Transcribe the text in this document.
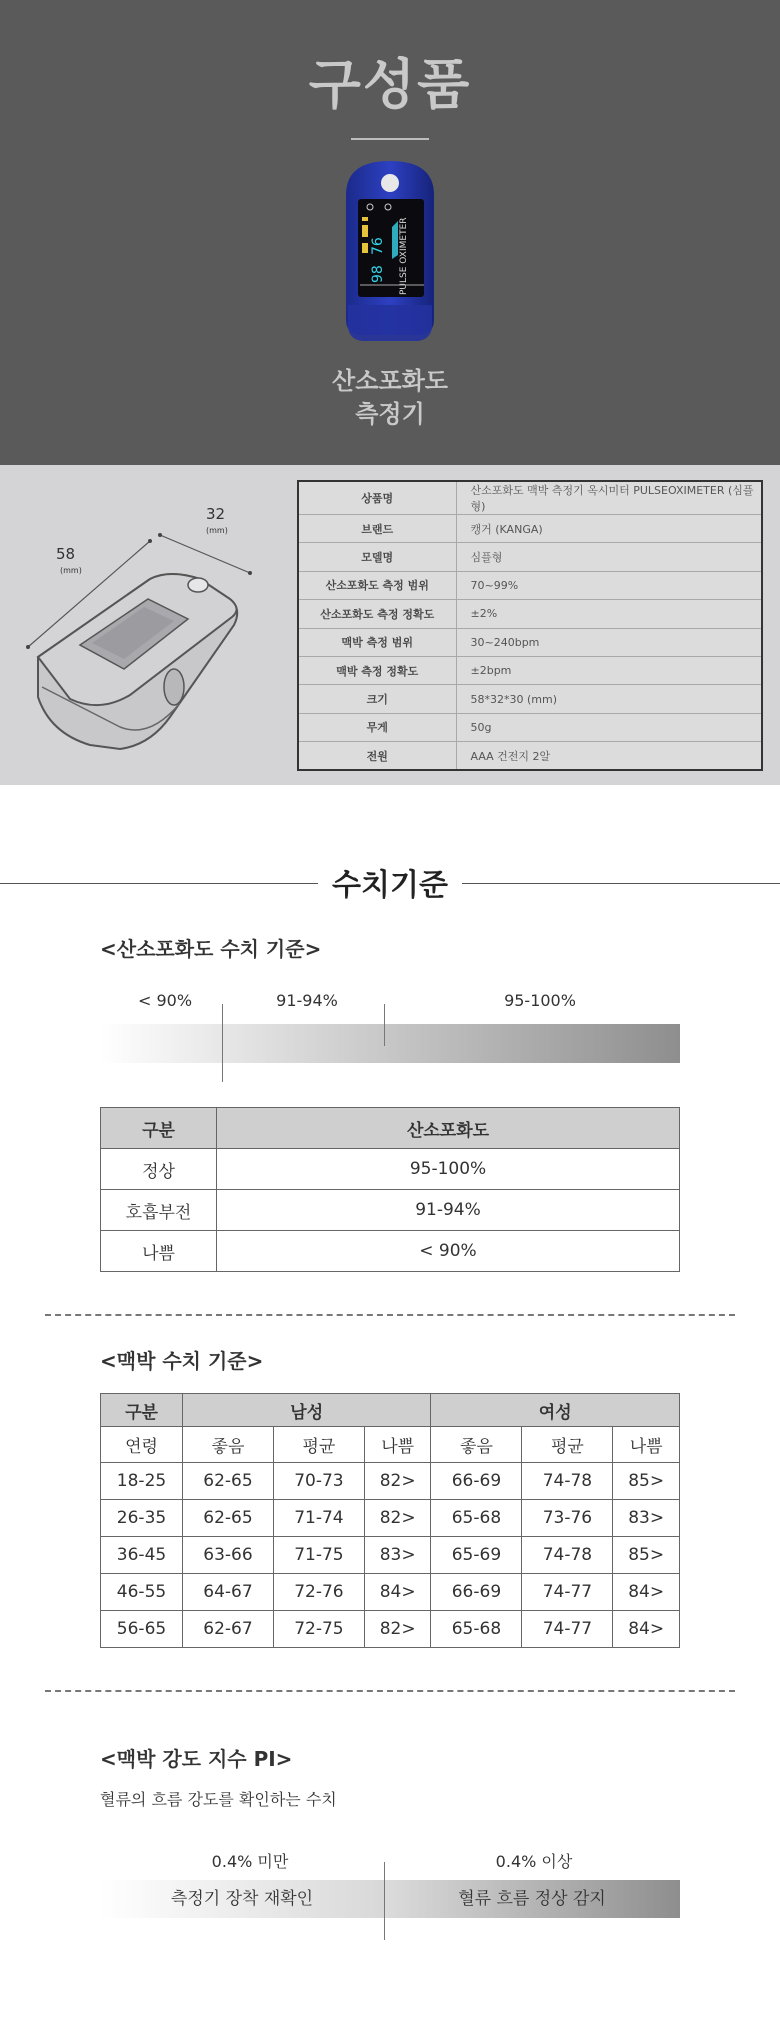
구성품
PULSE OXIMETER
98
76
산소포화도
측정기
58
(mm)
32
(mm)
상품명	산소포화도 맥박 측정기 옥시미터 PULSEOXIMETER (심플형)
브랜드	캥거 (KANGA)
모델명	심플형
산소포화도 측정 범위	70~99%
산소포화도 측정 정확도	±2%
맥박 측정 범위	30~240bpm
맥박 측정 정확도	±2bpm
크기	58*32*30 (mm)
무게	50g
전원	AAA 건전지 2알
수치기준
<산소포화도 수치 기준>
< 90%	91-94%	95-100%
구분	산소포화도
정상	95-100%
호흡부전	91-94%
나쁨	< 90%
<맥박 수치 기준>
구분	남성			여성		
연령	좋음	평균	나쁨	좋음	평균	나쁨
18-25	62-65	70-73	82>	66-69	74-78	85>
26-35	62-65	71-74	82>	65-68	73-76	83>
36-45	63-66	71-75	83>	65-69	74-78	85>
46-55	64-67	72-76	84>	66-69	74-77	84>
56-65	62-67	72-75	82>	65-68	74-77	84>
<맥박 강도 지수 PI>
혈류의 흐름 강도를 확인하는 수치
0.4% 미만	0.4% 이상
측정기 장착 재확인	혈류 흐름 정상 감지
